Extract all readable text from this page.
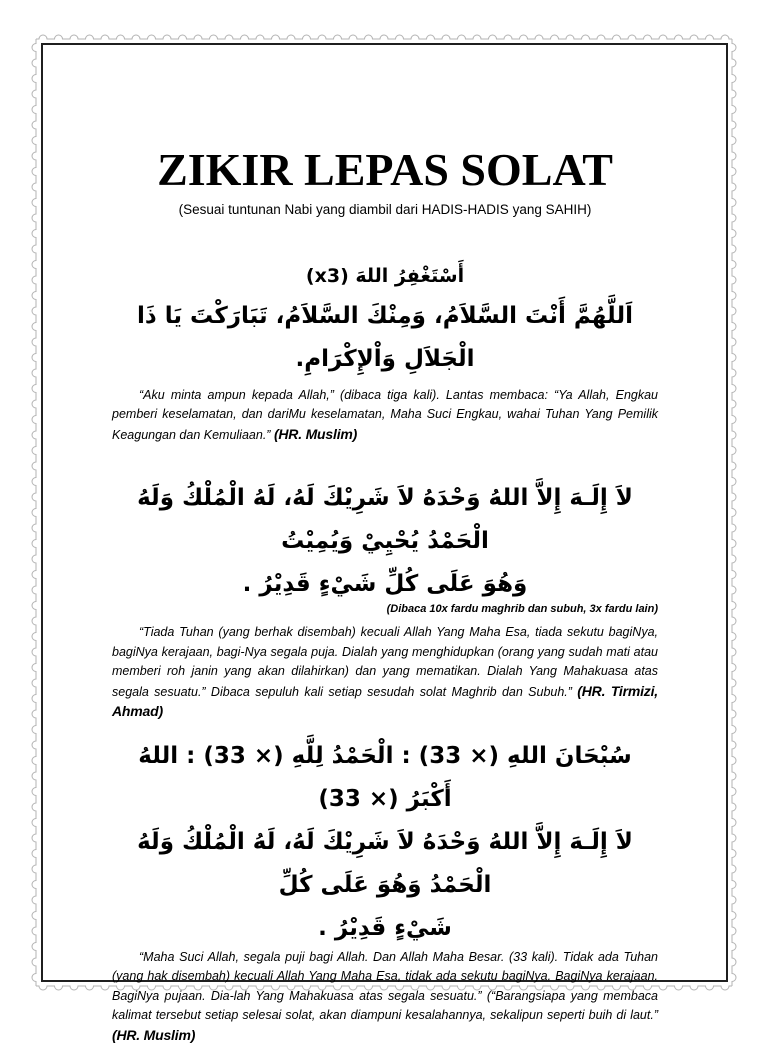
ZIKIR LEPAS SOLAT
(Sesuai tuntunan Nabi yang diambil dari HADIS-HADIS yang SAHIH)
أَسْتَغْفِرُ اللهَ (x3)
اَللَّهُمَّ أَنْتَ السَّلاَمُ، وَمِنْكَ السَّلاَمُ، تَبَارَكْتَ يَا ذَا الْجَلاَلِ وَاْلإِكْرَامِ.

“Aku minta ampun kepada Allah,” (dibaca tiga kali). Lantas membaca: “Ya Allah, Engkau pemberi keselamatan, dan dariMu keselamatan, Maha Suci Engkau, wahai Tuhan Yang Pemilik Keagungan dan Kemuliaan.” (HR. Muslim)

لاَ إِلَـهَ إِلاَّ اللهُ وَحْدَهُ لاَ شَرِيْكَ لَهُ، لَهُ الْمُلْكُ وَلَهُ الْحَمْدُ يُحْيِيْ وَيُمِيْتُ
وَهُوَ عَلَى كُلِّ شَيْءٍ قَدِيْرُ .
(Dibaca 10x fardu maghrib dan subuh, 3x fardu lain)

“Tiada Tuhan (yang berhak disembah) kecuali Allah Yang Maha Esa, tiada sekutu bagiNya, bagiNya kerajaan, bagi-Nya segala puja. Dialah yang menghidupkan (orang yang sudah mati atau memberi roh janin yang akan dilahirkan) dan yang mematikan. Dialah Yang Mahakuasa atas segala sesuatu.” Dibaca sepuluh kali setiap sesudah solat Maghrib dan Subuh.” (HR. Tirmizi, Ahmad)

سُبْحَانَ اللهِ (× 33) : الْحَمْدُ لِلَّهِ (× 33) : اللهُ أَكْبَرُ (× 33)
لاَ إِلَـهَ إِلاَّ اللهُ وَحْدَهُ لاَ شَرِيْكَ لَهُ، لَهُ الْمُلْكُ وَلَهُ الْحَمْدُ وَهُوَ عَلَى كُلِّ
شَيْءٍ قَدِيْرُ .

“Maha Suci Allah, segala puji bagi Allah. Dan Allah Maha Besar. (33 kali). Tidak ada Tuhan (yang hak disembah) kecuali Allah Yang Maha Esa, tidak ada sekutu bagiNya. BagiNya kerajaan. BagiNya pujaan. Dia-lah Yang Mahakuasa atas segala sesuatu.” (“Barangsiapa yang membaca kalimat tersebut setiap selesai solat, akan diampuni kesalahannya, sekalipun seperti buih di laut.” (HR. Muslim)
